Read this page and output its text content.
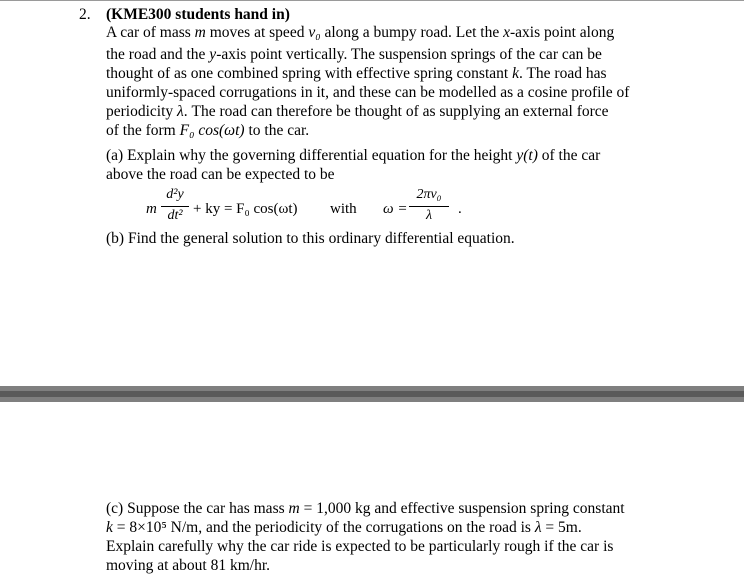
2. (KME300 students hand in)
A car of mass m moves at speed v₀ along a bumpy road. Let the x-axis point along
the road and the y-axis point vertically. The suspension springs of the car can be
thought of as one combined spring with effective spring constant k. The road has
uniformly-spaced corrugations in it, and these can be modelled as a cosine profile of
periodicity λ. The road can therefore be thought of as supplying an external force
of the form F₀ cos(ωt) to the car.
(a) Explain why the governing differential equation for the height y(t) of the car
above the road can be expected to be
m
d²y
dt² + ky = F₀ cos(ωt) with ω =
2πv₀
λ	.
(b) Find the general solution to this ordinary differential equation.
(c) Suppose the car has mass m = 1,000 kg and effective suspension spring constant
k = 8×10⁵ N/m, and the periodicity of the corrugations on the road is λ = 5m.
Explain carefully why the car ride is expected to be particularly rough if the car is
moving at about 81 km/hr.
